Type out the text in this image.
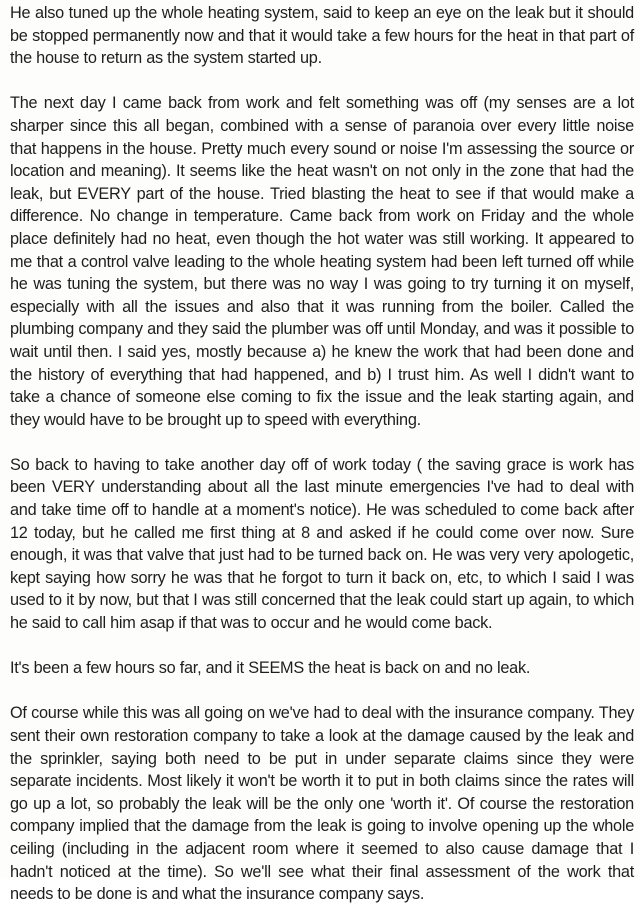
He also tuned up the whole heating system, said to keep an eye on the leak but it should be stopped permanently now and that it would take a few hours for the heat in that part of the house to return as the system started up.

The next day I came back from work and felt something was off (my senses are a lot sharper since this all began, combined with a sense of paranoia over every little noise that happens in the house. Pretty much every sound or noise I'm assessing the source or location and meaning). It seems like the heat wasn't on not only in the zone that had the leak, but EVERY part of the house. Tried blasting the heat to see if that would make a difference. No change in temperature. Came back from work on Friday and the whole place definitely had no heat, even though the hot water was still working. It appeared to me that a control valve leading to the whole heating system had been left turned off while he was tuning the system, but there was no way I was going to try turning it on myself, especially with all the issues and also that it was running from the boiler. Called the plumbing company and they said the plumber was off until Monday, and was it possible to wait until then. I said yes, mostly because a) he knew the work that had been done and the history of everything that had happened, and b) I trust him. As well I didn't want to take a chance of someone else coming to fix the issue and the leak starting again, and they would have to be brought up to speed with everything.

So back to having to take another day off of work today ( the saving grace is work has been VERY understanding about all the last minute emergencies I've had to deal with and take time off to handle at a moment's notice). He was scheduled to come back after 12 today, but he called me first thing at 8 and asked if he could come over now. Sure enough, it was that valve that just had to be turned back on. He was very very apologetic, kept saying how sorry he was that he forgot to turn it back on, etc, to which I said I was used to it by now, but that I was still concerned that the leak could start up again, to which he said to call him asap if that was to occur and he would come back.

It's been a few hours so far, and it SEEMS the heat is back on and no leak.

Of course while this was all going on we've had to deal with the insurance company. They sent their own restoration company to take a look at the damage caused by the leak and the sprinkler, saying both need to be put in under separate claims since they were separate incidents. Most likely it won't be worth it to put in both claims since the rates will go up a lot, so probably the leak will be the only one 'worth it'. Of course the restoration company implied that the damage from the leak is going to involve opening up the whole ceiling (including in the adjacent room where it seemed to also cause damage that I hadn't noticed at the time). So we'll see what their final assessment of the work that needs to be done is and what the insurance company says.
